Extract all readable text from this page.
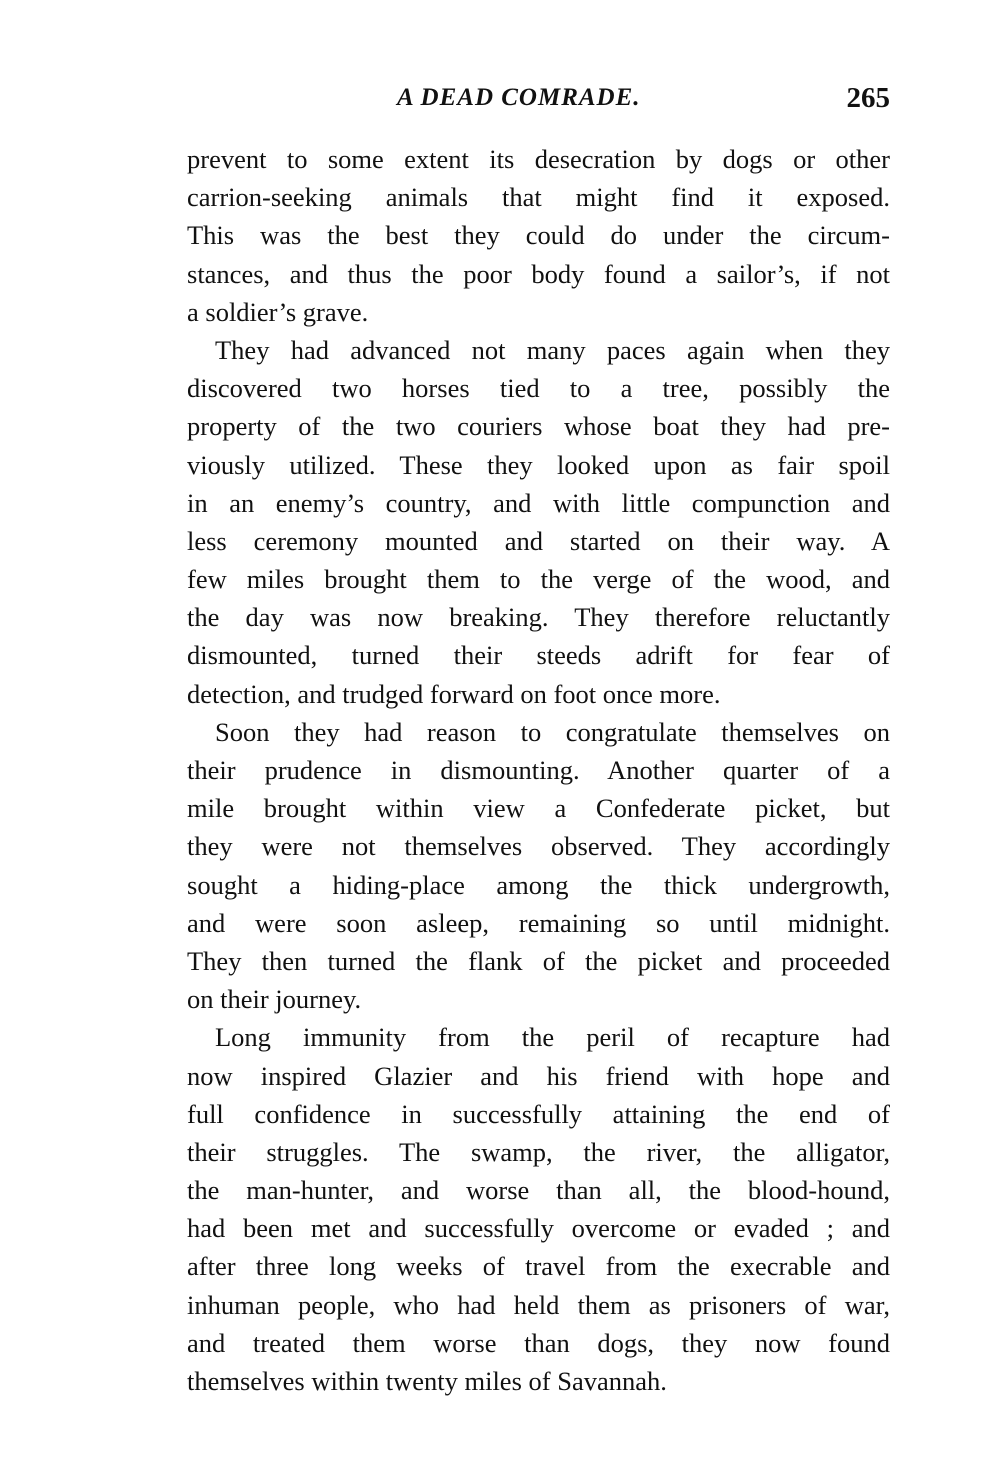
A DEAD COMRADE.	265
prevent to some extent its desecration by dogs or other
carrion-seeking animals that might find it exposed.
This was the best they could do under the circum-
stances, and thus the poor body found a sailor’s, if not
a soldier’s grave.
They had advanced not many paces again when they
discovered two horses tied to a tree, possibly the
property of the two couriers whose boat they had pre-
viously utilized. These they looked upon as fair spoil
in an enemy’s country, and with little compunction and
less ceremony mounted and started on their way. A
few miles brought them to the verge of the wood, and
the day was now breaking. They therefore reluctantly
dismounted, turned their steeds adrift for fear of
detection, and trudged forward on foot once more.
Soon they had reason to congratulate themselves on
their prudence in dismounting. Another quarter of a
mile brought within view a Confederate picket, but
they were not themselves observed. They accordingly
sought a hiding-place among the thick undergrowth,
and were soon asleep, remaining so until midnight.
They then turned the flank of the picket and proceeded
on their journey.
Long immunity from the peril of recapture had
now inspired Glazier and his friend with hope and
full confidence in successfully attaining the end of
their struggles. The swamp, the river, the alligator,
the man-hunter, and worse than all, the blood-hound,
had been met and successfully overcome or evaded ; and
after three long weeks of travel from the execrable and
inhuman people, who had held them as prisoners of war,
and treated them worse than dogs, they now found
themselves within twenty miles of Savannah.
